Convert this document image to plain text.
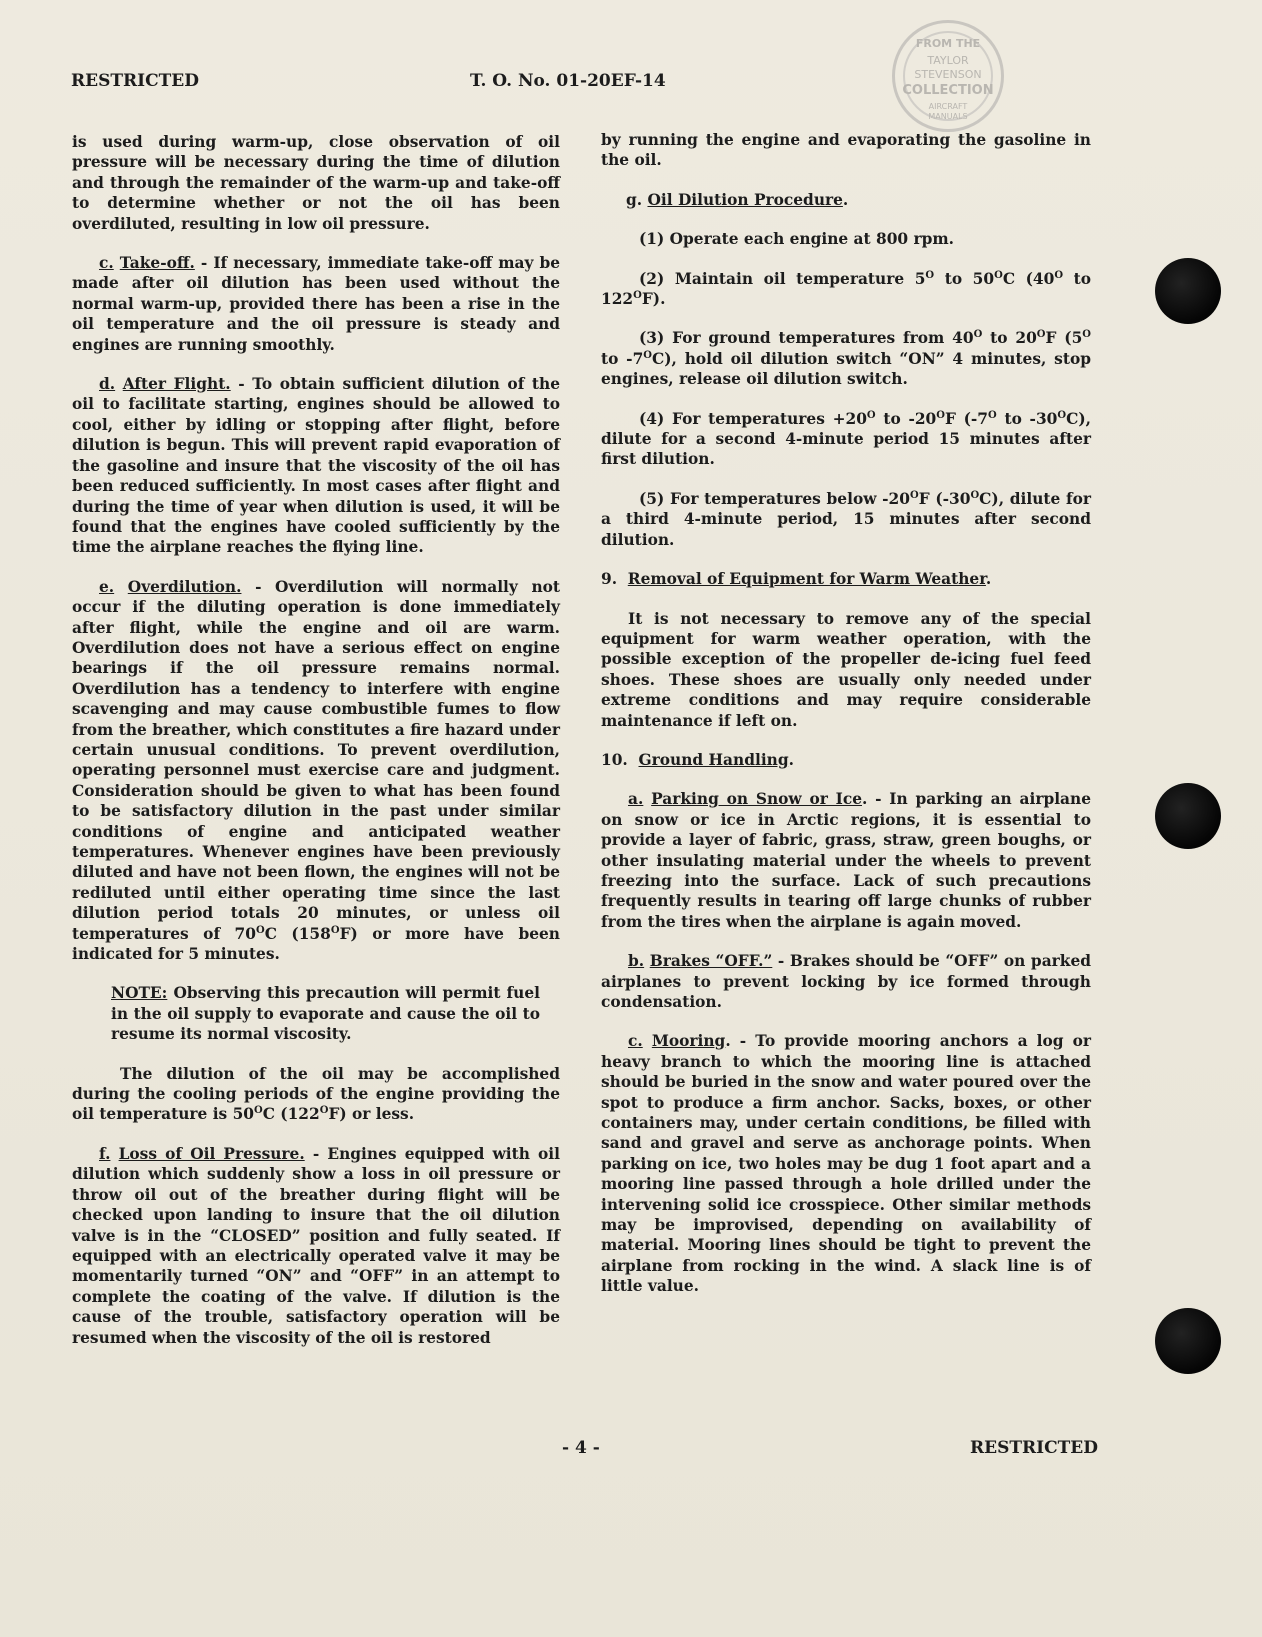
RESTRICTED	T. O. No. 01-20EF-14
FROM THE
TAYLOR
STEVENSON
COLLECTION
AIRCRAFT
MANUALS

is used during warm-up, close observation of oil pressure will be necessary during the time of dilution and through the remainder of the warm-up and take-off to determine whether or not the oil has been overdiluted, resulting in low oil pressure.

c. Take-off. - If necessary, immediate take-off may be made after oil dilution has been used without the normal warm-up, provided there has been a rise in the oil temperature and the oil pressure is steady and engines are running smoothly.

d. After Flight. - To obtain sufficient dilution of the oil to facilitate starting, engines should be allowed to cool, either by idling or stopping after flight, before dilution is begun. This will prevent rapid evaporation of the gasoline and insure that the viscosity of the oil has been reduced sufficiently. In most cases after flight and during the time of year when dilution is used, it will be found that the engines have cooled sufficiently by the time the airplane reaches the flying line.

e. Overdilution. - Overdilution will normally not occur if the diluting operation is done immediately after flight, while the engine and oil are warm. Overdilution does not have a serious effect on engine bearings if the oil pressure remains normal. Overdilution has a tendency to interfere with engine scavenging and may cause combustible fumes to flow from the breather, which constitutes a fire hazard under certain unusual conditions. To prevent overdilution, operating personnel must exercise care and judgment. Consideration should be given to what has been found to be satisfactory dilution in the past under similar conditions of engine and anticipated weather temperatures. Whenever engines have been previously diluted and have not been flown, the engines will not be rediluted until either operating time since the last dilution period totals 20 minutes, or unless oil temperatures of $70^OC$ $(158^OF)$ or more have been indicated for 5 minutes.

NOTE: Observing this precaution will permit fuel in the oil supply to evaporate and cause the oil to resume its normal viscosity.

The dilution of the oil may be accomplished during the cooling periods of the engine providing the oil temperature is $50^OC$ $(122^OF)$ or less.

f. Loss of Oil Pressure. - Engines equipped with oil dilution which suddenly show a loss in oil pressure or throw oil out of the breather during flight will be checked upon landing to insure that the oil dilution valve is in the “CLOSED” position and fully seated. If equipped with an electrically operated valve it may be momentarily turned “ON” and “OFF” in an attempt to complete the coating of the valve. If dilution is the cause of the trouble, satisfactory operation will be resumed when the viscosity of the oil is restored

by running the engine and evaporating the gasoline in the oil.

g. Oil Dilution Procedure.

(1) Operate each engine at 800 rpm.

(2) Maintain oil temperature $5^O$ to $50^OC$ ($40^O$ to $122^OF$).

(3) For ground temperatures from $40^O$ to $20^OF$ ($5^O$ to $-7^OC$), hold oil dilution switch “ON” 4 minutes, stop engines, release oil dilution switch.

(4) For temperatures $+20^O$ to $-20^OF$ ($-7^O$ to $-30^OC$), dilute for a second 4-minute period 15 minutes after first dilution.

(5) For temperatures below $-20^OF$ $(-30^OC)$, dilute for a third 4-minute period, 15 minutes after second dilution.

9. Removal of Equipment for Warm Weather.

It is not necessary to remove any of the special equipment for warm weather operation, with the possible exception of the propeller de-icing fuel feed shoes. These shoes are usually only needed under extreme conditions and may require considerable maintenance if left on.

10. Ground Handling.

a. Parking on Snow or Ice. - In parking an airplane on snow or ice in Arctic regions, it is essential to provide a layer of fabric, grass, straw, green boughs, or other insulating material under the wheels to prevent freezing into the surface. Lack of such precautions frequently results in tearing off large chunks of rubber from the tires when the airplane is again moved.

b. Brakes “OFF.” - Brakes should be “OFF” on parked airplanes to prevent locking by ice formed through condensation.

c. Mooring. - To provide mooring anchors a log or heavy branch to which the mooring line is attached should be buried in the snow and water poured over the spot to produce a firm anchor. Sacks, boxes, or other containers may, under certain conditions, be filled with sand and gravel and serve as anchorage points. When parking on ice, two holes may be dug 1 foot apart and a mooring line passed through a hole drilled under the intervening solid ice crosspiece. Other similar methods may be improvised, depending on availability of material. Mooring lines should be tight to prevent the airplane from rocking in the wind. A slack line is of little value.

- 4 -	RESTRICTED
